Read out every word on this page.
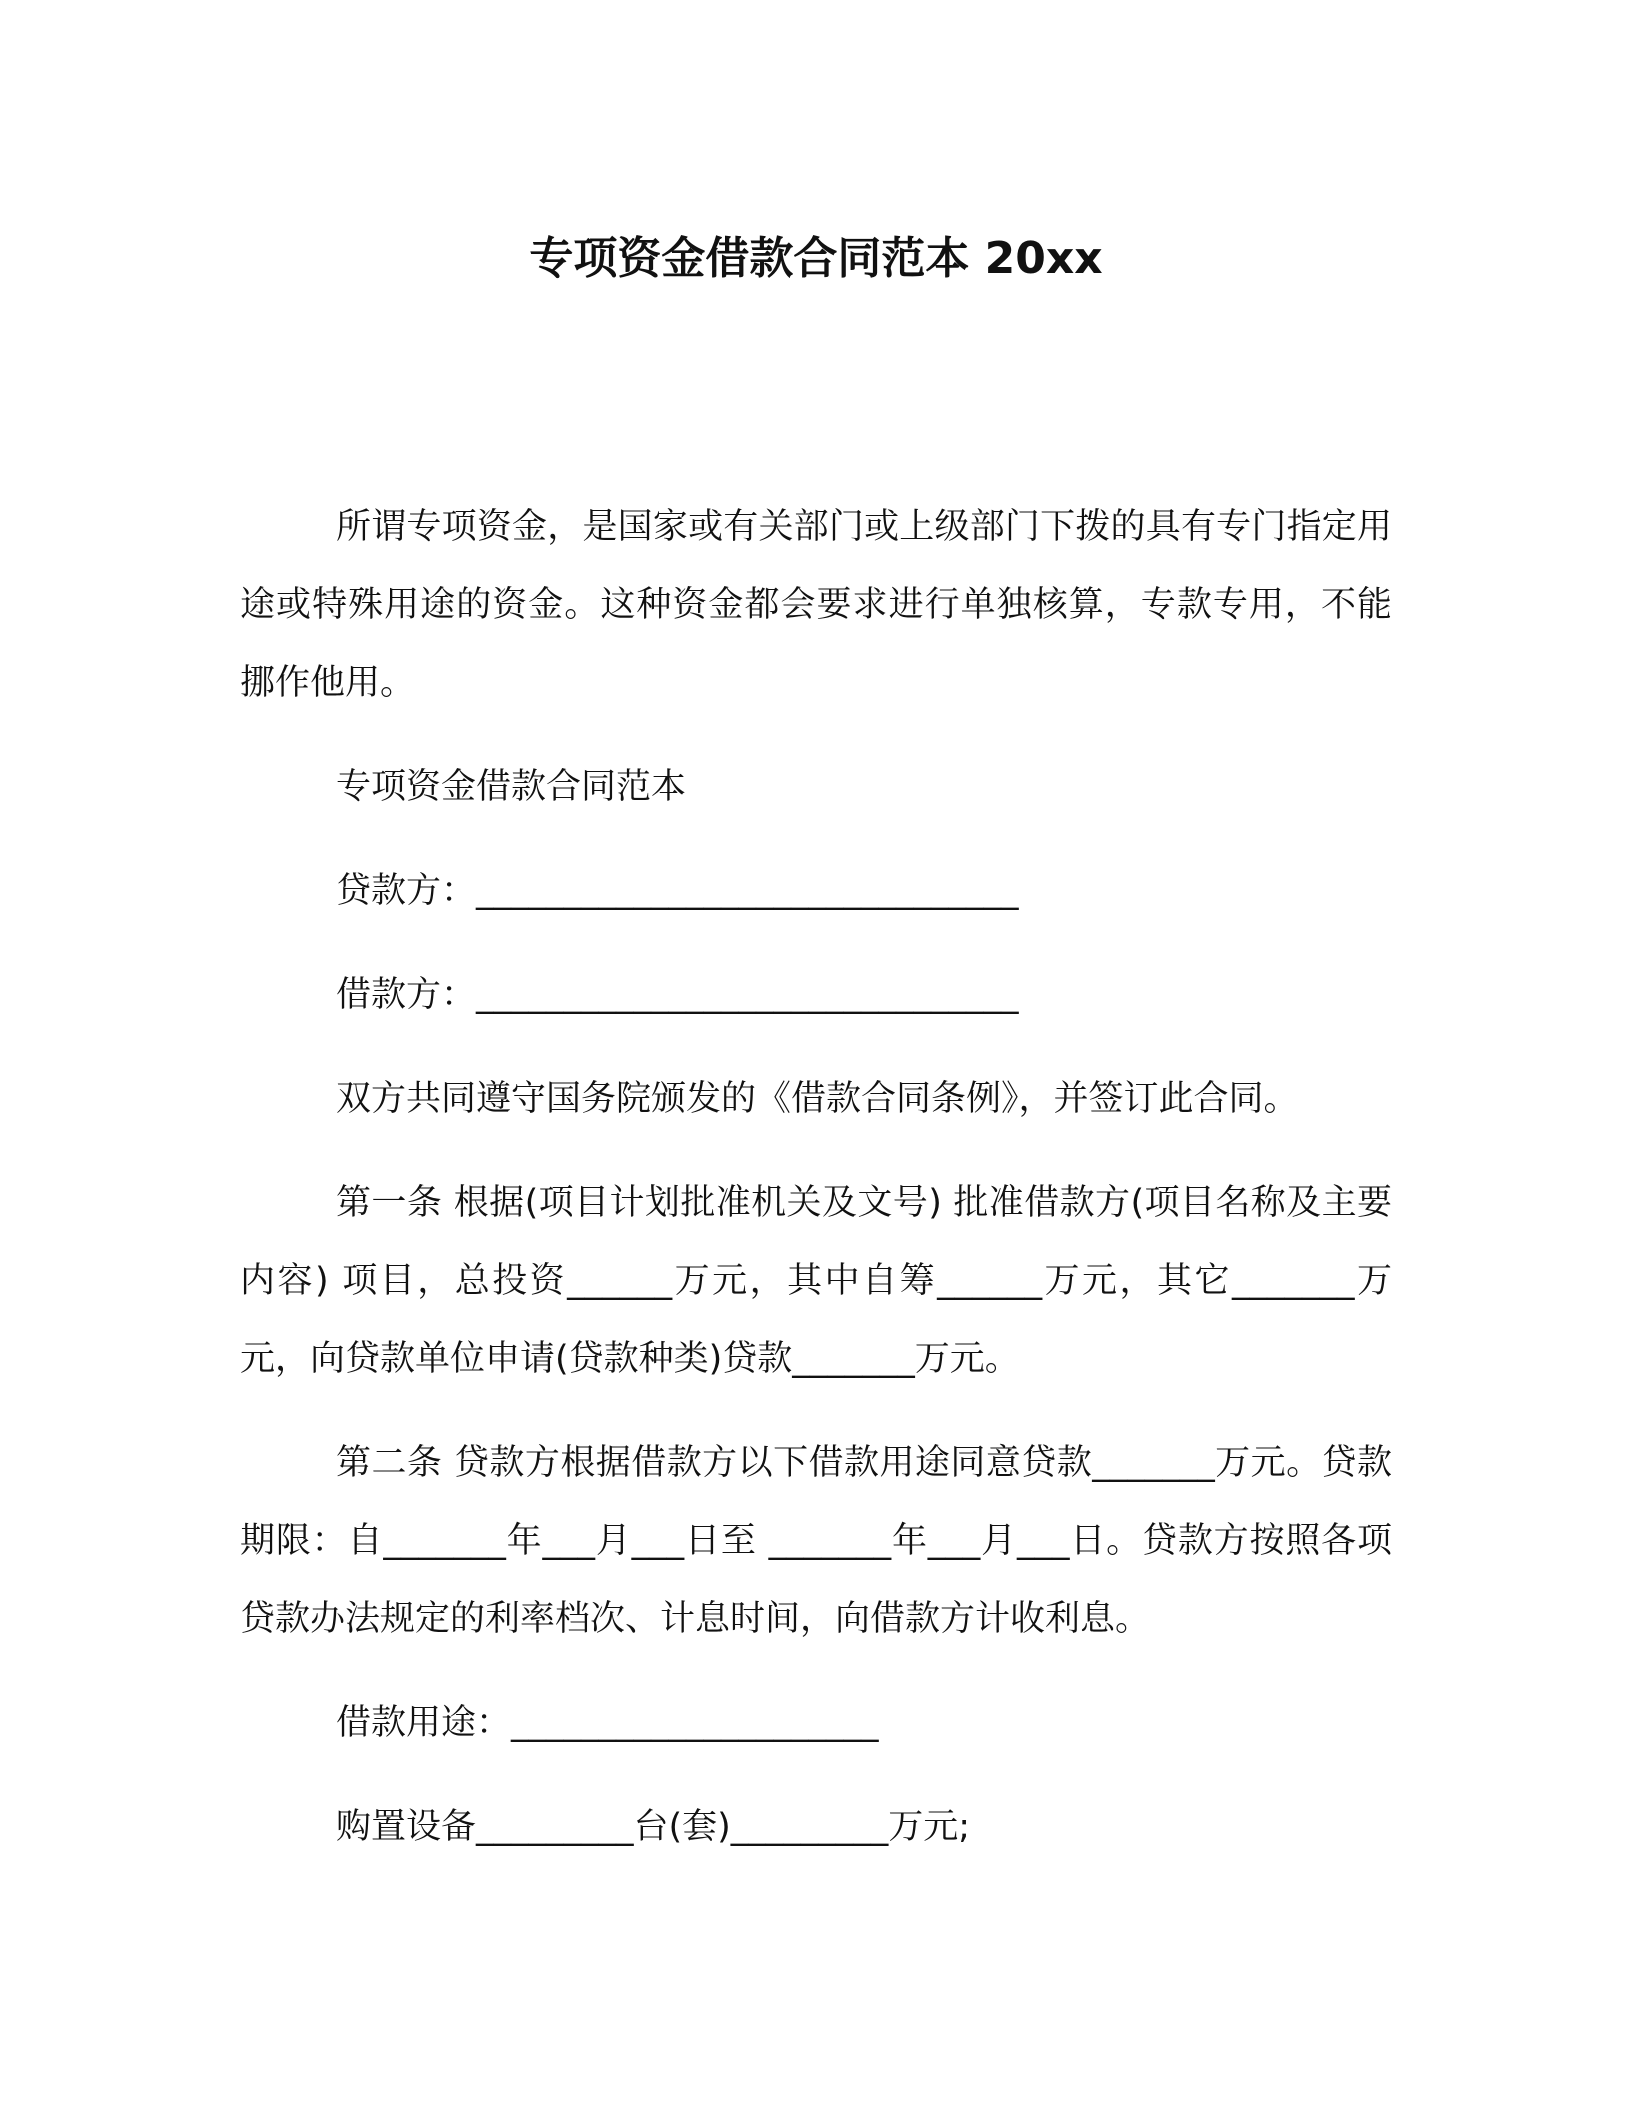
专项资金借款合同范本 20xx

所谓专项资金，是国家或有关部门或上级部门下拨的具有专门指定用途或特殊用途的资金。这种资金都会要求进行单独核算，专款专用，不能挪作他用。

专项资金借款合同范本

贷款方：_______________________________

借款方：_______________________________

双方共同遵守国务院颁发的《借款合同条例》，并签订此合同。

第一条 根据(项目计划批准机关及文号) 批准借款方(项目名称及主要内容) 项目，总投资______万元，其中自筹______万元，其它_______万元，向贷款单位申请(贷款种类)贷款_______万元。

第二条 贷款方根据借款方以下借款用途同意贷款_______万元。贷款期限：自_______年___月___日至 _______年___月___日。贷款方按照各项贷款办法规定的利率档次、计息时间，向借款方计收利息。

借款用途：_____________________

购置设备_________台(套)_________万元;
